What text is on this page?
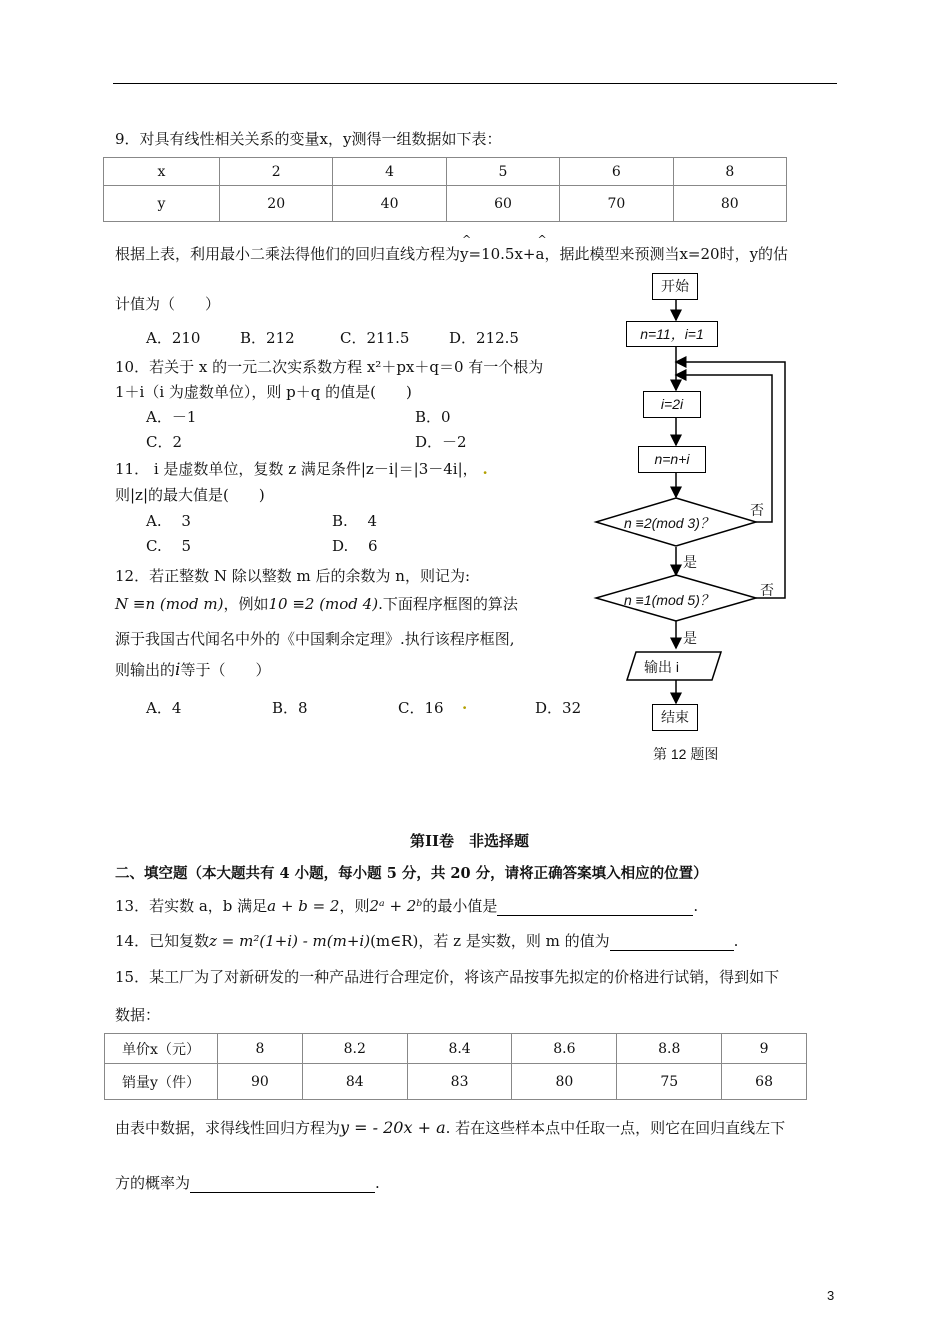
9．对具有线性相关关系的变量x，y测得一组数据如下表：
x	2	4	5	6	8
y	20	40	60	70	80
根据上表，利用最小二乘法得他们的回归直线方程为^ y=10.5x+^ a，据此模型来预测当x=20时，y的估
计值为（　　）
A．210	B．212	C．211.5	D．212.5
10．若关于 x 的一元二次实系数方程 x²＋px＋q＝0 有一个根为
1＋i（i 为虚数单位），则 p＋q 的值是(　　)
A．－1	B．0
C．2	D．－2
11． i 是虚数单位，复数 z 满足条件|z－i|＝|3－4i|， .
则|z|的最大值是(　　)
A.　 3	B.　 4
C.　 5	D.　 6
12．若正整数 N 除以整数 m 后的余数为 n，则记为:
N ≡n (mod m)，例如10 ≡2 (mod 4).下面程序框图的算法
源于我国古代闻名中外的《中国剩余定理》.执行该程序框图,
则输出的i等于（　　）
A．4	B．8	C．16 .	D．32
开始
n=11，i=1
i=2i
n=n+i
n ≡2(mod 3)？
n ≡1(mod 5)？
否
否
是
是
输出 i
结束
第 12 题图
第II卷　非选择题
二、填空题（本大题共有 4 小题，每小题 5 分，共 20 分，请将正确答案填入相应的位置）
13．若实数 a，b 满足a + b = 2，则2ᵃ + 2ᵇ的最小值是	.
14．已知复数z = m²(1+i) - m(m+i)(m∈R)，若 z 是实数，则 m 的值为	.
15．某工厂为了对新研发的一种产品进行合理定价，将该产品按事先拟定的价格进行试销，得到如下
数据：
单价x（元）	8	8.2	8.4	8.6	8.8	9
销量y（件）	90	84	83	80	75	68
由表中数据，求得线性回归方程为y = - 20x + a. 若在这些样本点中任取一点，则它在回归直线左下
方的概率为	.
3
